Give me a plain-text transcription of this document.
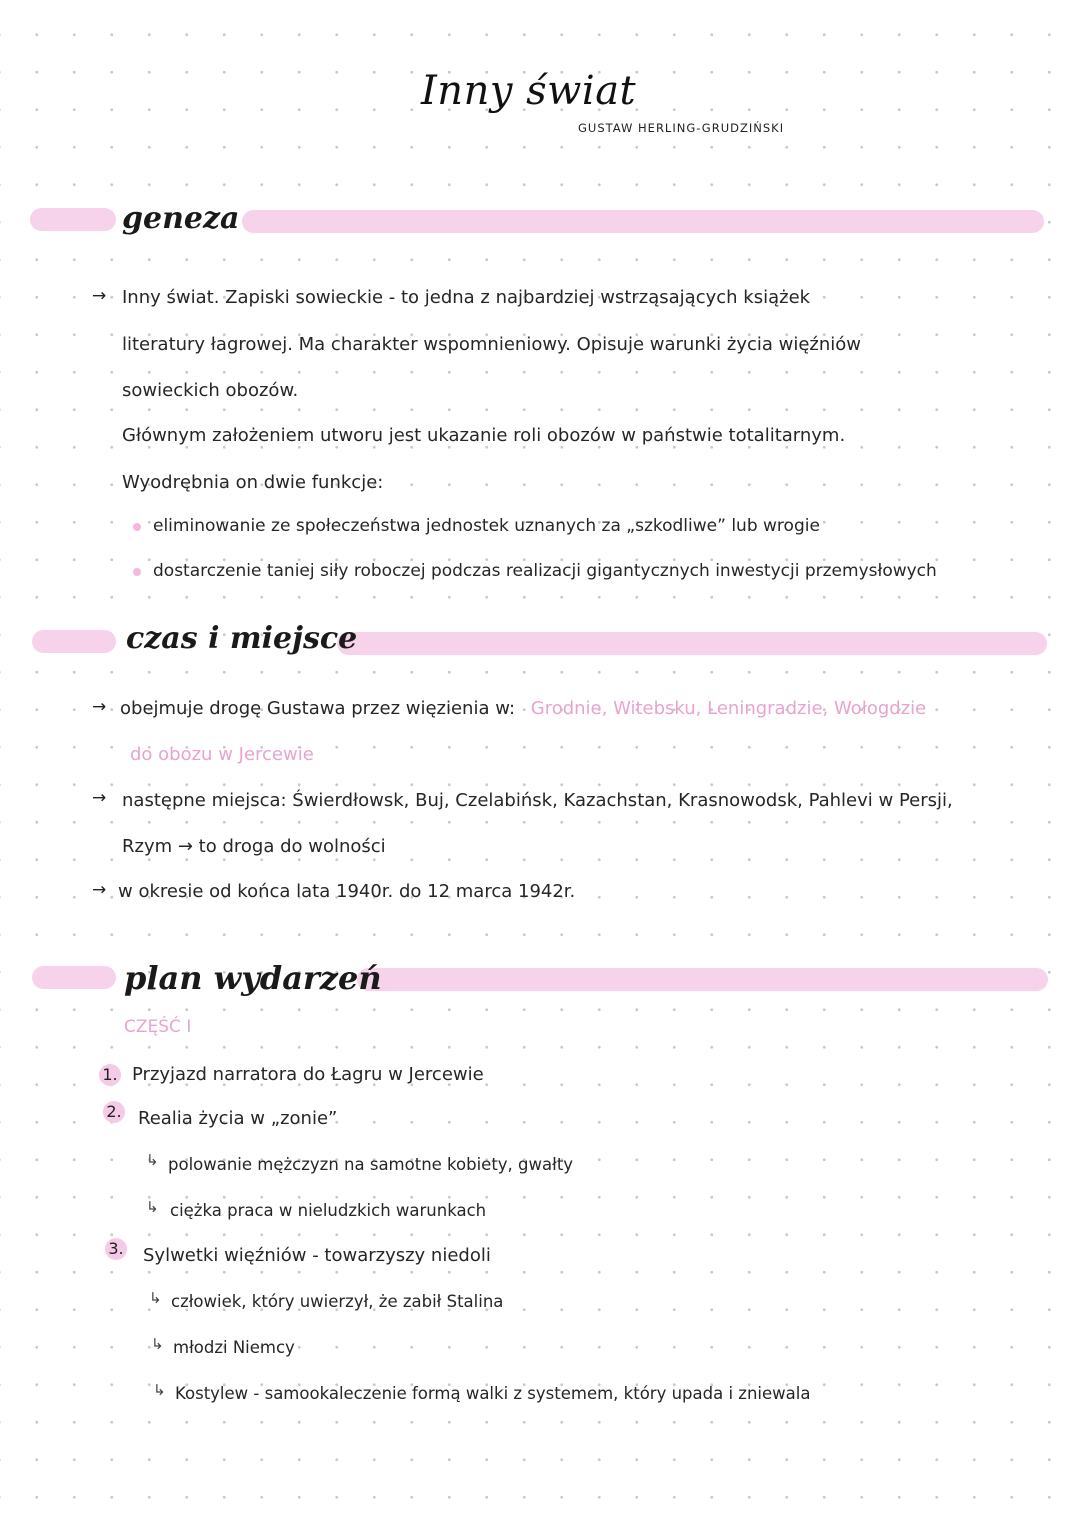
Inny świat
GUSTAW HERLING-GRUDZIŃSKI
geneza
→ Inny świat. Zapiski sowieckie - to jedna z najbardziej wstrząsających książek
literatury łagrowej. Ma charakter wspomnieniowy. Opisuje warunki życia więźniów
sowieckich obozów.
Głównym założeniem utworu jest ukazanie roli obozów w państwie totalitarnym.
Wyodrębnia on dwie funkcje:
eliminowanie ze społeczeństwa jednostek uznanych za „szkodliwe” lub wrogie
dostarczenie taniej siły roboczej podczas realizacji gigantycznych inwestycji przemysłowych
czas i miejsce
→ obejmuje drogę Gustawa przez więzienia w: Grodnie, Witebsku, Leningradzie, Wołogdzie
do obozu w Jercewie
→ następne miejsca: Świerdłowsk, Buj, Czelabińsk, Kazachstan, Krasnowodsk, Pahlevi w Persji,
Rzym → to droga do wolności
→ w okresie od końca lata 1940r. do 12 marca 1942r.
plan wydarzeń
CZĘŚĆ I
1. Przyjazd narratora do Łagru w Jercewie
2. Realia życia w „zonie”
↳ polowanie mężczyzn na samotne kobiety, gwałty
↳ ciężka praca w nieludzkich warunkach
3. Sylwetki więźniów - towarzyszy niedoli
↳ człowiek, który uwierzył, że zabił Stalina
↳ młodzi Niemcy
↳ Kostylew - samookaleczenie formą walki z systemem, który upada i zniewala
